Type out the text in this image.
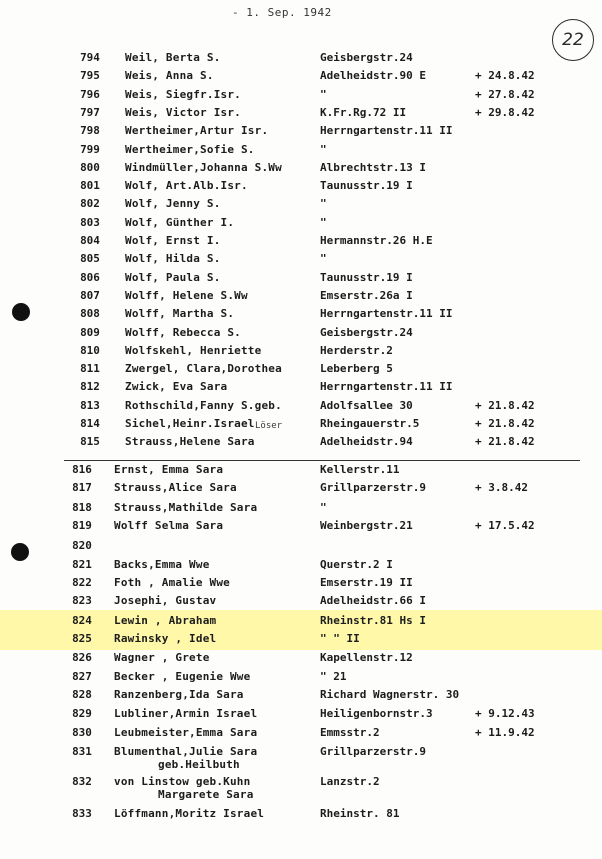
- 1. Sep. 1942
22
794	Weil, Berta S.	Geisbergstr.24
795	Weis, Anna S.	Adelheidstr.90 E	+ 24.8.42
796	Weis, Siegfr.Isr.	"	+ 27.8.42
797	Weis, Victor Isr.	K.Fr.Rg.72 II	+ 29.8.42
798	Wertheimer,Artur Isr.	Herrngartenstr.11 II
799	Wertheimer,Sofie S.	"
800	Windmüller,Johanna S.Ww	Albrechtstr.13 I
801	Wolf, Art.Alb.Isr.	Taunusstr.19 I
802	Wolf, Jenny S.	"
803	Wolf, Günther I.	"
804	Wolf, Ernst I.	Hermannstr.26 H.E
805	Wolf, Hilda S.	"
806	Wolf, Paula S.	Taunusstr.19 I
807	Wolff, Helene S.Ww	Emserstr.26a I
808	Wolff, Martha S.	Herrngartenstr.11 II
809	Wolff, Rebecca S.	Geisbergstr.24
810	Wolfskehl, Henriette	Herderstr.2
811	Zwergel, Clara,Dorothea	Leberberg 5
812	Zwick, Eva Sara	Herrngartenstr.11 II
813	Rothschild,Fanny S.geb.	Adolfsallee 30	+ 21.8.42
814	Sichel,Heinr.Israel	Rheingauerstr.5	+ 21.8.42
815	Strauss,Helene Sara	Adelheidstr.94	+ 21.8.42
816	Ernst, Emma Sara	Kellerstr.11
817	Strauss,Alice Sara	Grillparzerstr.9	+ 3.8.42
818	Strauss,Mathilde Sara	"
819	Wolff Selma Sara	Weinbergstr.21	+ 17.5.42
820
821	Backs,Emma Wwe	Querstr.2 I
822	Foth , Amalie Wwe	Emserstr.19 II
823	Josephi, Gustav	Adelheidstr.66 I
824	Lewin , Abraham	Rheinstr.81 Hs I
825	Rawinsky , Idel	" " II
826	Wagner , Grete	Kapellenstr.12
827	Becker , Eugenie Wwe	" 21
828	Ranzenberg,Ida Sara	Richard Wagnerstr. 30
829	Lubliner,Armin Israel	Heiligenbornstr.3	+ 9.12.43
830	Leubmeister,Emma Sara	Emmsstr.2	+ 11.9.42
831	Blumenthal,Julie Sara	Grillparzerstr.9
geb.Heilbuth
832	von Linstow geb.Kuhn	Lanzstr.2
Margarete Sara
833	Löffmann,Moritz Israel	Rheinstr. 81
Löser
